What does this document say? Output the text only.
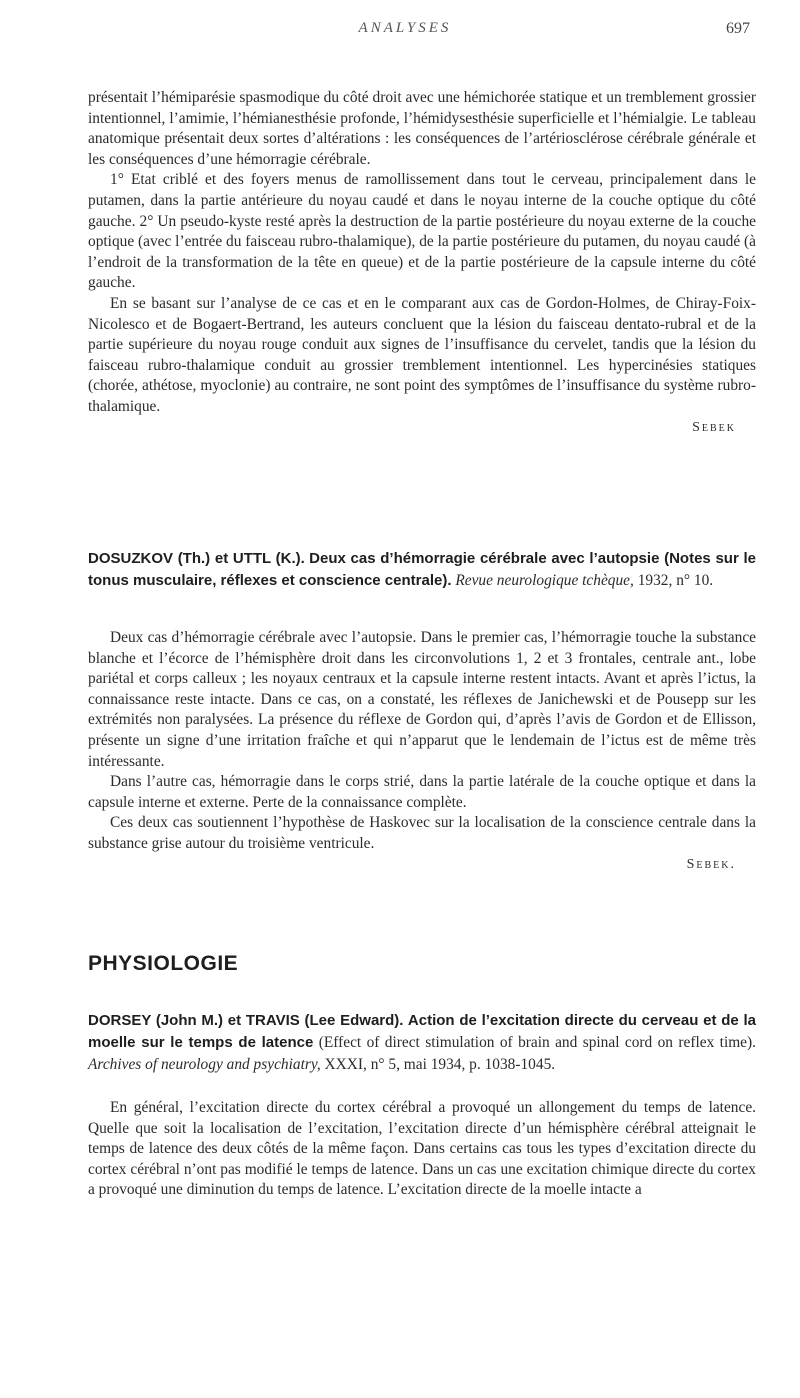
ANALYSES	697

présentait l’hémiparésie spasmodique du côté droit avec une hémichorée statique et un tremblement grossier intentionnel, l’amimie, l’hémianesthésie profonde, l’hémidysesthésie superficielle et l’hémialgie. Le tableau anatomique présentait deux sortes d’altérations : les conséquences de l’artériosclérose cérébrale générale et les conséquences d’une hémorragie cérébrale.

1° Etat criblé et des foyers menus de ramollissement dans tout le cerveau, principalement dans le putamen, dans la partie antérieure du noyau caudé et dans le noyau interne de la couche optique du côté gauche. 2° Un pseudo-kyste resté après la destruction de la partie postérieure du noyau externe de la couche optique (avec l’entrée du faisceau rubro-thalamique), de la partie postérieure du putamen, du noyau caudé (à l’endroit de la transformation de la tête en queue) et de la partie postérieure de la capsule interne du côté gauche.

En se basant sur l’analyse de ce cas et en le comparant aux cas de Gordon-Holmes, de Chiray-Foix-Nicolesco et de Bogaert-Bertrand, les auteurs concluent que la lésion du faisceau dentato-rubral et de la partie supérieure du noyau rouge conduit aux signes de l’insuffisance du cervelet, tandis que la lésion du faisceau rubro-thalamique conduit au grossier tremblement intentionnel. Les hypercinésies statiques (chorée, athétose, myoclonie) au contraire, ne sont point des symptômes de l’insuffisance du système rubro-thalamique.

Sebek

DOSUZKOV (Th.) et UTTL (K.). Deux cas d’hémorragie cérébrale avec l’autopsie (Notes sur le tonus musculaire, réflexes et conscience centrale). Revue neurologique tchèque, 1932, n° 10.

Deux cas d’hémorragie cérébrale avec l’autopsie. Dans le premier cas, l’hémorragie touche la substance blanche et l’écorce de l’hémisphère droit dans les circonvolutions 1, 2 et 3 frontales, centrale ant., lobe pariétal et corps calleux ; les noyaux centraux et la capsule interne restent intacts. Avant et après l’ictus, la connaissance reste intacte. Dans ce cas, on a constaté, les réflexes de Janichewski et de Pousepp sur les extrémités non paralysées. La présence du réflexe de Gordon qui, d’après l’avis de Gordon et de Ellisson, présente un signe d’une irritation fraîche et qui n’apparut que le lendemain de l’ictus est de même très intéressante.

Dans l’autre cas, hémorragie dans le corps strié, dans la partie latérale de la couche optique et dans la capsule interne et externe. Perte de la connaissance complète.

Ces deux cas soutiennent l’hypothèse de Haskovec sur la localisation de la conscience centrale dans la substance grise autour du troisième ventricule.

Sebek.

PHYSIOLOGIE
DORSEY (John M.) et TRAVIS (Lee Edward). Action de l’excitation directe du cerveau et de la moelle sur le temps de latence (Effect of direct stimulation of brain and spinal cord on reflex time). Archives of neurology and psychiatry, XXXI, n° 5, mai 1934, p. 1038-1045.

En général, l’excitation directe du cortex cérébral a provoqué un allongement du temps de latence. Quelle que soit la localisation de l’excitation, l’excitation directe d’un hémisphère cérébral atteignait le temps de latence des deux côtés de la même façon. Dans certains cas tous les types d’excitation directe du cortex cérébral n’ont pas modifié le temps de latence. Dans un cas une excitation chimique directe du cortex a provoqué une diminution du temps de latence. L’excitation directe de la moelle intacte a
